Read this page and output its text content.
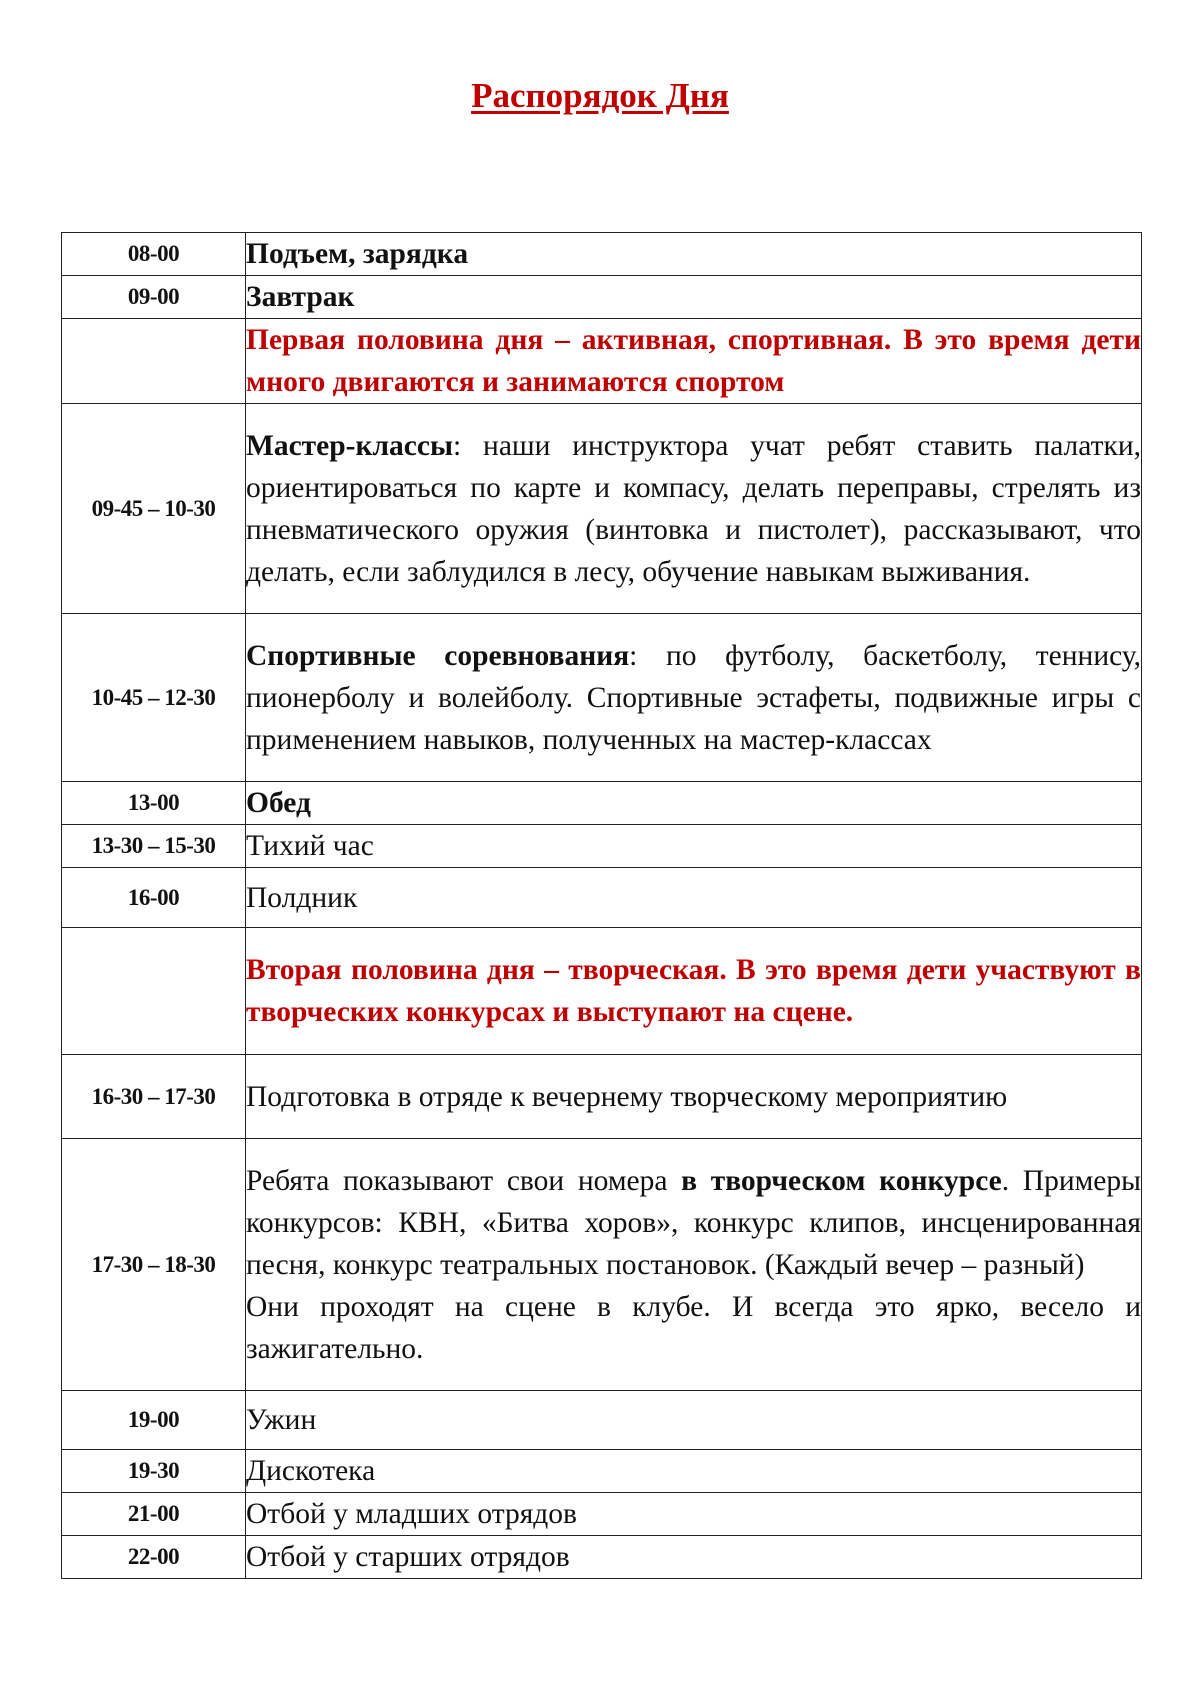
Распорядок Дня
08-00	Подъем, зарядка
09-00	Завтрак
	Первая половина дня – активная, спортивная. В это время дети много двигаются и занимаются спортом
09-45 – 10-30	Мастер-классы: наши инструктора учат ребят ставить палатки, ориентироваться по карте и компасу, делать переправы, стрелять из пневматического оружия (винтовка и пистолет), рассказывают, что делать, если заблудился в лесу, обучение навыкам выживания.
10-45 – 12-30	Спортивные соревнования: по футболу, баскетболу, теннису, пионерболу и волейболу. Спортивные эстафеты, подвижные игры с применением навыков, полученных на мастер-классах
13-00	Обед
13-30 – 15-30	Тихий час
16-00	Полдник
	Вторая половина дня – творческая. В это время дети участвуют в творческих конкурсах и выступают на сцене.
16-30 – 17-30	Подготовка в отряде к вечернему творческому мероприятию
17-30 – 18-30	Ребята показывают свои номера в творческом конкурсе. Примеры конкурсов: КВН, «Битва хоров», конкурс клипов, инсценированная песня, конкурс театральных постановок. (Каждый вечер – разный)
Они проходят на сцене в клубе. И всегда это ярко, весело и зажигательно.

19-00	Ужин
19-30	Дискотека
21-00	Отбой у младших отрядов
22-00	Отбой у старших отрядов
